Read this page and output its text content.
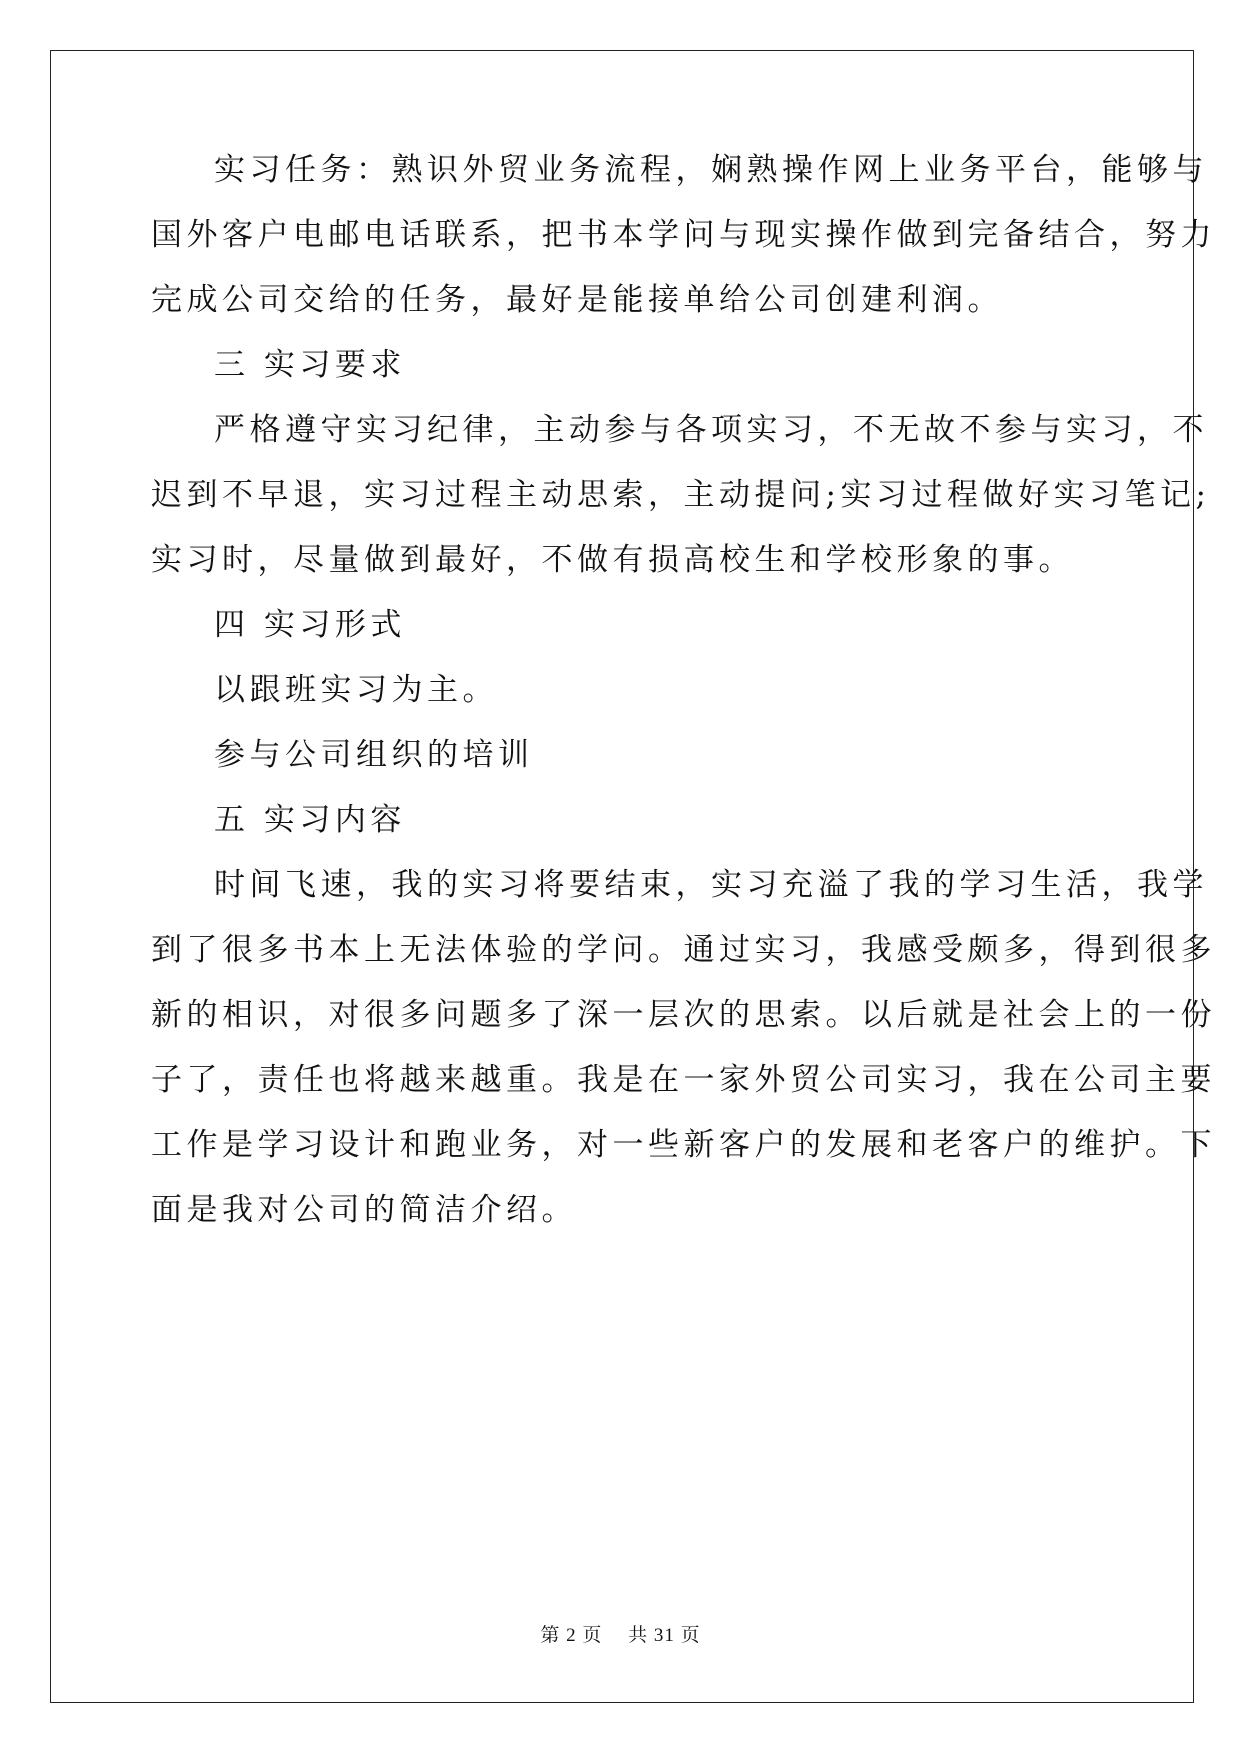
实习任务：熟识外贸业务流程，娴熟操作网上业务平台，能够与
国外客户电邮电话联系，把书本学问与现实操作做到完备结合，努力
完成公司交给的任务，最好是能接单给公司创建利润。
三 实习要求
严格遵守实习纪律，主动参与各项实习，不无故不参与实习，不
迟到不早退，实习过程主动思索，主动提问;实习过程做好实习笔记;
实习时，尽量做到最好，不做有损高校生和学校形象的事。
四 实习形式
以跟班实习为主。
参与公司组织的培训
五 实习内容
时间飞速，我的实习将要结束，实习充溢了我的学习生活，我学
到了很多书本上无法体验的学问。通过实习，我感受颇多，得到很多
新的相识，对很多问题多了深一层次的思索。以后就是社会上的一份
子了，责任也将越来越重。我是在一家外贸公司实习，我在公司主要
工作是学习设计和跑业务，对一些新客户的发展和老客户的维护。下
面是我对公司的简洁介绍。
第 2 页 共 31 页
